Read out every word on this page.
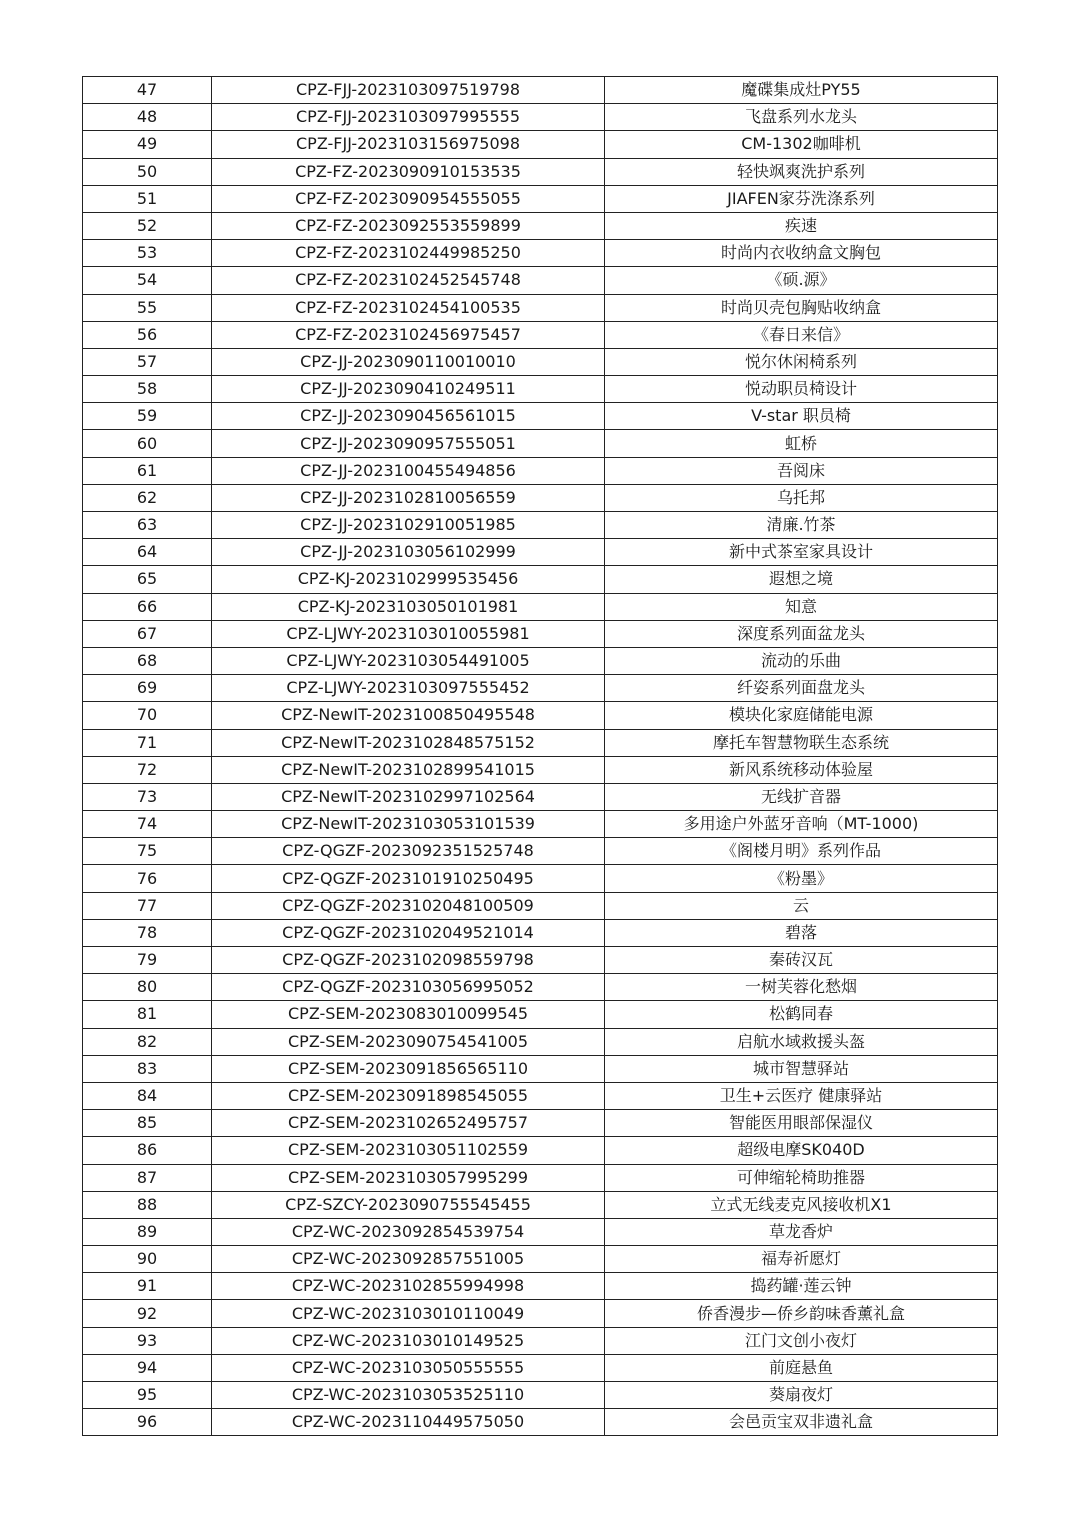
47	CPZ-FJJ-2023103097519798	魔碟集成灶PY55
48	CPZ-FJJ-2023103097995555	飞盘系列水龙头
49	CPZ-FJJ-2023103156975098	CM-1302咖啡机
50	CPZ-FZ-2023090910153535	轻快飒爽洗护系列
51	CPZ-FZ-2023090954555055	JIAFEN家芬洗涤系列
52	CPZ-FZ-2023092553559899	疾速
53	CPZ-FZ-2023102449985250	时尚内衣收纳盒文胸包
54	CPZ-FZ-2023102452545748	《硕.源》
55	CPZ-FZ-2023102454100535	时尚贝壳包胸贴收纳盒
56	CPZ-FZ-2023102456975457	《春日来信》
57	CPZ-JJ-2023090110010010	悦尔休闲椅系列
58	CPZ-JJ-2023090410249511	悦动职员椅设计
59	CPZ-JJ-2023090456561015	V-star 职员椅
60	CPZ-JJ-2023090957555051	虹桥
61	CPZ-JJ-2023100455494856	吾阅床
62	CPZ-JJ-2023102810056559	乌托邦
63	CPZ-JJ-2023102910051985	清廉.竹茶
64	CPZ-JJ-2023103056102999	新中式茶室家具设计
65	CPZ-KJ-2023102999535456	遐想之境
66	CPZ-KJ-2023103050101981	知意
67	CPZ-LJWY-2023103010055981	深度系列面盆龙头
68	CPZ-LJWY-2023103054491005	流动的乐曲
69	CPZ-LJWY-2023103097555452	纤姿系列面盘龙头
70	CPZ-NewIT-2023100850495548	模块化家庭储能电源
71	CPZ-NewIT-2023102848575152	摩托车智慧物联生态系统
72	CPZ-NewIT-2023102899541015	新风系统移动体验屋
73	CPZ-NewIT-2023102997102564	无线扩音器
74	CPZ-NewIT-2023103053101539	多用途户外蓝牙音响（MT-1000)
75	CPZ-QGZF-2023092351525748	《阁楼月明》系列作品
76	CPZ-QGZF-2023101910250495	《粉墨》
77	CPZ-QGZF-2023102048100509	云
78	CPZ-QGZF-2023102049521014	碧落
79	CPZ-QGZF-2023102098559798	秦砖汉瓦
80	CPZ-QGZF-2023103056995052	一树芙蓉化愁烟
81	CPZ-SEM-2023083010099545	松鹤同春
82	CPZ-SEM-2023090754541005	启航水域救援头盔
83	CPZ-SEM-2023091856565110	城市智慧驿站
84	CPZ-SEM-2023091898545055	卫生+云医疗 健康驿站
85	CPZ-SEM-2023102652495757	智能医用眼部保湿仪
86	CPZ-SEM-2023103051102559	超级电摩SK040D
87	CPZ-SEM-2023103057995299	可伸缩轮椅助推器
88	CPZ-SZCY-2023090755545455	立式无线麦克风接收机X1
89	CPZ-WC-2023092854539754	草龙香炉
90	CPZ-WC-2023092857551005	福寿祈愿灯
91	CPZ-WC-2023102855994998	捣药罐·莲云钟
92	CPZ-WC-2023103010110049	侨香漫步—侨乡韵味香薰礼盒
93	CPZ-WC-2023103010149525	江门文创小夜灯
94	CPZ-WC-2023103050555555	前庭悬鱼
95	CPZ-WC-2023103053525110	葵扇夜灯
96	CPZ-WC-2023110449575050	会邑贡宝双非遗礼盒
